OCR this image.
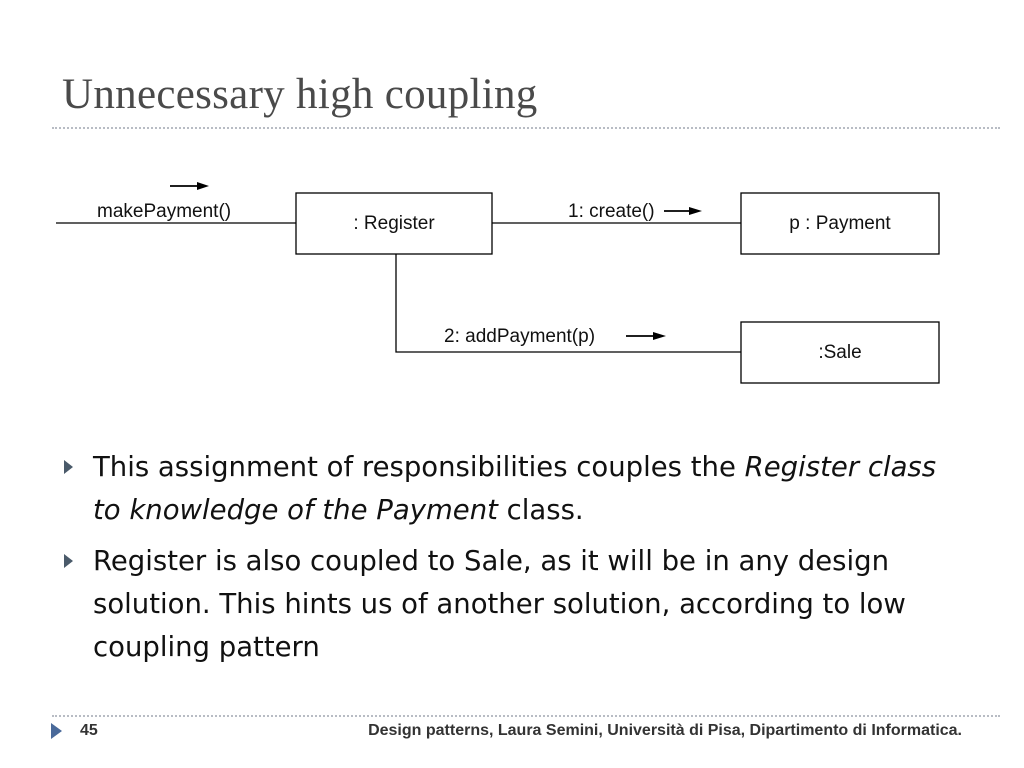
Unnecessary high coupling
: Register	p : Payment
:Sale
makePayment()	1: create()
2: addPayment(p)
This assignment of responsibilities couples the Register class to knowledge of the Payment class.
Register is also coupled to Sale, as it will be in any design solution. This hints us of another solution, according to low coupling pattern
45	Design patterns, Laura Semini, Università di Pisa, Dipartimento di Informatica.
